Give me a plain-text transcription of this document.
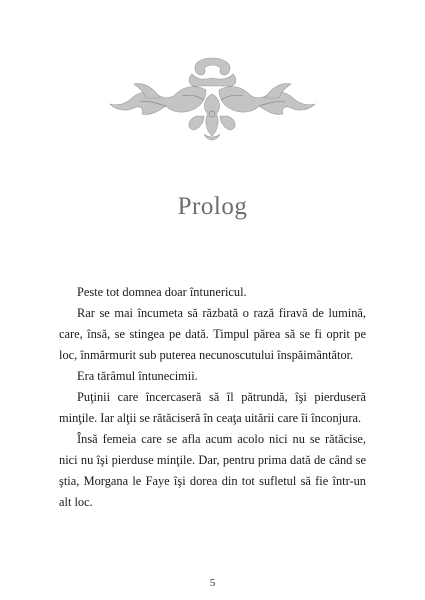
Prolog

Peste tot domnea doar întunericul.

Rar se mai încumeta să răzbată o rază firavă de lumină, care, însă, se stingea pe dată. Timpul părea să se fi oprit pe loc, înmărmurit sub puterea necunoscutului înspăimântător.

Era tărâmul întunecimii.

Puţinii care încercaseră să îl pătrundă, îşi pierduseră minţile. Iar alţii se rătăciseră în ceaţa uitării care îi înconjura.

Însă femeia care se afla acum acolo nici nu se rătăcise, nici nu îşi pierduse minţile. Dar, pentru prima dată de când se ştia, Morgana le Faye îşi dorea din tot sufletul să fie într-un alt loc.

5
